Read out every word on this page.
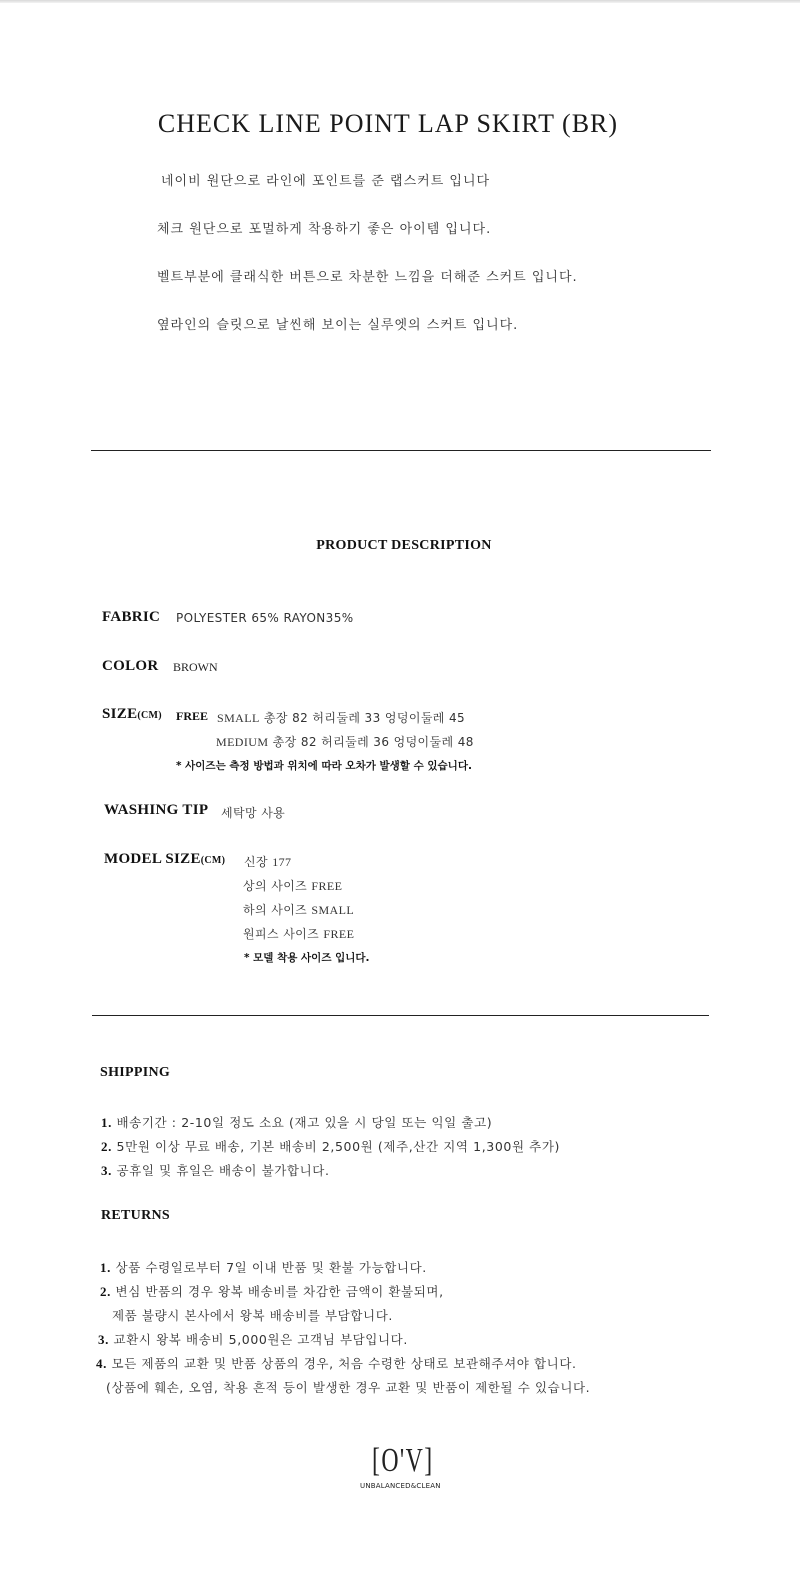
CHECK LINE POINT LAP SKIRT (BR)
네이비 원단으로 라인에 포인트를 준 랩스커트 입니다
체크 원단으로 포멀하게 착용하기 좋은 아이템 입니다.
벨트부분에 클래식한 버튼으로 차분한 느낌을 더해준 스커트 입니다.
옆라인의 슬릿으로 날씬해 보이는 실루엣의 스커트 입니다.
PRODUCT DESCRIPTION
FABRIC POLYESTER 65% RAYON35%
COLOR BROWN
SIZE(CM) FREE SMALL 총장 82 허리둘레 33 엉덩이둘레 45
MEDIUM 총장 82 허리둘레 36 엉덩이둘레 48
* 사이즈는 측정 방법과 위치에 따라 오차가 발생할 수 있습니다.
WASHING TIP 세탁망 사용
MODEL SIZE(CM) 신장 177
상의 사이즈 FREE
하의 사이즈 SMALL
원피스 사이즈 FREE
* 모델 착용 사이즈 입니다.
SHIPPING
1. 배송기간 : 2-10일 정도 소요 (재고 있을 시 당일 또는 익일 출고)
2. 5만원 이상 무료 배송, 기본 배송비 2,500원 (제주,산간 지역 1,300원 추가)
3. 공휴일 및 휴일은 배송이 불가합니다.
RETURNS
1. 상품 수령일로부터 7일 이내 반품 및 환불 가능합니다.
2. 변심 반품의 경우 왕복 배송비를 차감한 금액이 환불되며,
제품 불량시 본사에서 왕복 배송비를 부담합니다.
3. 교환시 왕복 배송비 5,000원은 고객님 부담입니다.
4. 모든 제품의 교환 및 반품 상품의 경우, 처음 수령한 상태로 보관해주셔야 합니다.
(상품에 훼손, 오염, 착용 흔적 등이 발생한 경우 교환 및 반품이 제한될 수 있습니다.
[O'V]
UNBALANCED&CLEAN
